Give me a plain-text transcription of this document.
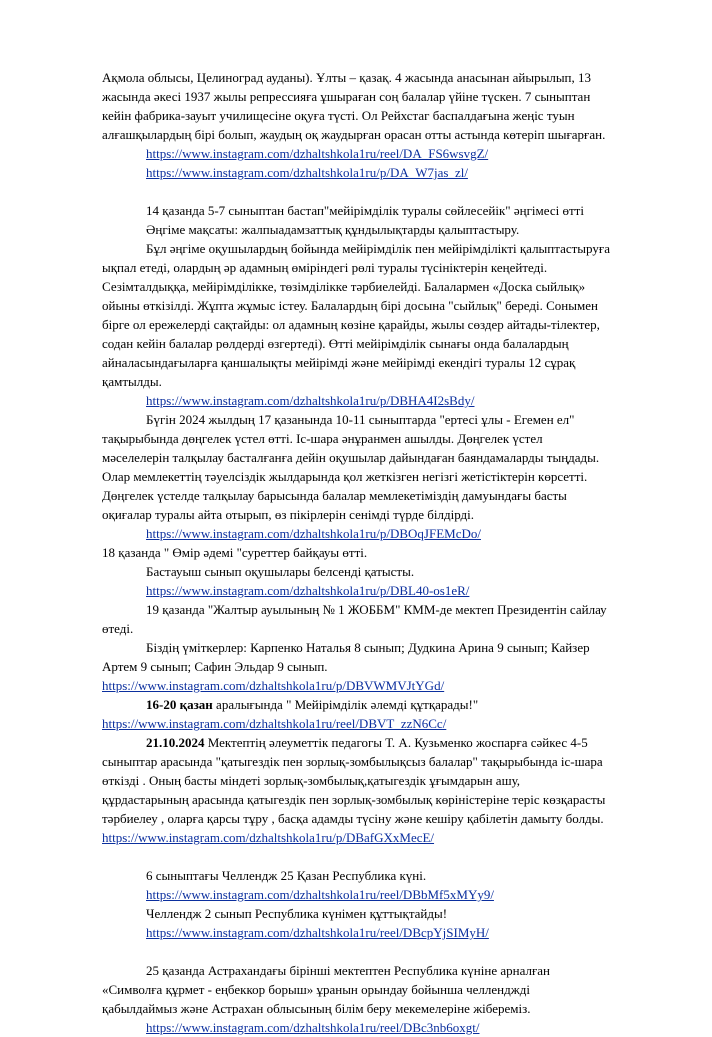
Ақмола облысы, Целиноград ауданы). Ұлты – қазақ. 4 жасында анасынан айырылып, 13
жасында әкесі 1937 жылы репрессияға ұшыраған соң балалар үйіне түскен. 7 сыныптан
кейін фабрика-зауыт училищесіне оқуға түсті. Ол Рейхстаг баспалдағына жеңіс туын
алғашқылардың бірі болып, жаудың оқ жаудырған орасан отты астында көтеріп шығарған.
https://www.instagram.com/dzhaltshkola1ru/reel/DA_FS6wsvgZ/
https://www.instagram.com/dzhaltshkola1ru/p/DA_W7jas_zl/
14 қазанда 5-7 сыныптан бастап"мейірімділік туралы сөйлесейік" әңгімесі өтті
Әңгіме мақсаты: жалпыадамзаттық құндылықтарды қалыптастыру.
Бұл әңгіме оқушылардың бойында мейірімділік пен мейірімділікті қалыптастыруға
ықпал етеді, олардың әр адамның өміріндегі рөлі туралы түсініктерін кеңейтеді.
Сезімталдыққа, мейірімділікке, төзімділікке тәрбиелейді. Балалармен «Доска сыйлық»
ойыны өткізілді. Жұпта жұмыс істеу. Балалардың бірі досына "сыйлық" береді. Сонымен
бірге ол ережелерді сақтайды: ол адамның көзіне қарайды, жылы сөздер айтады-тілектер,
содан кейін балалар рөлдерді өзгертеді). Өтті мейірімділік сынағы онда балалардың
айналасындағыларға қаншалықты мейірімді және мейірімді екендігі туралы 12 сұрақ
қамтылды.
https://www.instagram.com/dzhaltshkola1ru/p/DBHA4I2sBdy/
Бүгін 2024 жылдың 17 қазанында 10-11 сыныптарда "ертесі ұлы - Егемен ел"
тақырыбында дөңгелек үстел өтті. Іс-шара әнұранмен ашылды. Дөңгелек үстел
мәселелерін талқылау басталғанға дейін оқушылар дайындаған баяндамаларды тыңдады.
Олар мемлекеттің тәуелсіздік жылдарында қол жеткізген негізгі жетістіктерін көрсетті.
Дөңгелек үстелде талқылау барысында балалар мемлекетіміздің дамуындағы басты
оқиғалар туралы айта отырып, өз пікірлерін сенімді түрде білдірді.
https://www.instagram.com/dzhaltshkola1ru/p/DBOqJFEMcDo/
18 қазанда " Өмір әдемі "суреттер байқауы өтті.
Бастауыш сынып оқушылары белсенді қатысты.
https://www.instagram.com/dzhaltshkola1ru/p/DBL40-os1eR/
19 қазанда "Жалтыр ауылының № 1 ЖОББМ" КММ-де мектеп Президентін сайлау
өтеді.
Біздің үміткерлер: Карпенко Наталья 8 сынып; Дудкина Арина 9 сынып; Кайзер
Артем 9 сынып; Сафин Эльдар 9 сынып.
https://www.instagram.com/dzhaltshkola1ru/p/DBVWMVJtYGd/
16-20 қазан аралығында " Мейірімділік әлемді құтқарады!"
https://www.instagram.com/dzhaltshkola1ru/reel/DBVT_zzN6Cc/
21.10.2024 Мектептің әлеуметтік педагогы Т. А. Кузьменко жоспарға сәйкес 4-5
сыныптар арасында "қатыгездік пен зорлық-зомбылықсыз балалар" тақырыбында іс-шара
өткізді . Оның басты міндеті зорлық-зомбылық,қатыгездік ұғымдарын ашу,
құрдастарының арасында қатыгездік пен зорлық-зомбылық көріністеріне теріс көзқарасты
тәрбиелеу , оларға қарсы тұру , басқа адамды түсіну және кешіру қабілетін дамыту болды.
https://www.instagram.com/dzhaltshkola1ru/p/DBafGXxMecE/
6 сыныптағы Челлендж 25 Қазан Республика күні.
https://www.instagram.com/dzhaltshkola1ru/reel/DBbMf5xMYy9/
Челлендж 2 сынып Республика күнімен құттықтайды!
https://www.instagram.com/dzhaltshkola1ru/reel/DBcpYjSIMyH/
25 қазанда Астрахандағы бірінші мектептен Республика күніне арналған
«Символға құрмет - еңбеккор борыш» ұранын орындау бойынша челлендждi
қабылдаймыз және Астрахан облысының білім беру мекемелеріне жібереміз.
https://www.instagram.com/dzhaltshkola1ru/reel/DBc3nb6oxgt/
